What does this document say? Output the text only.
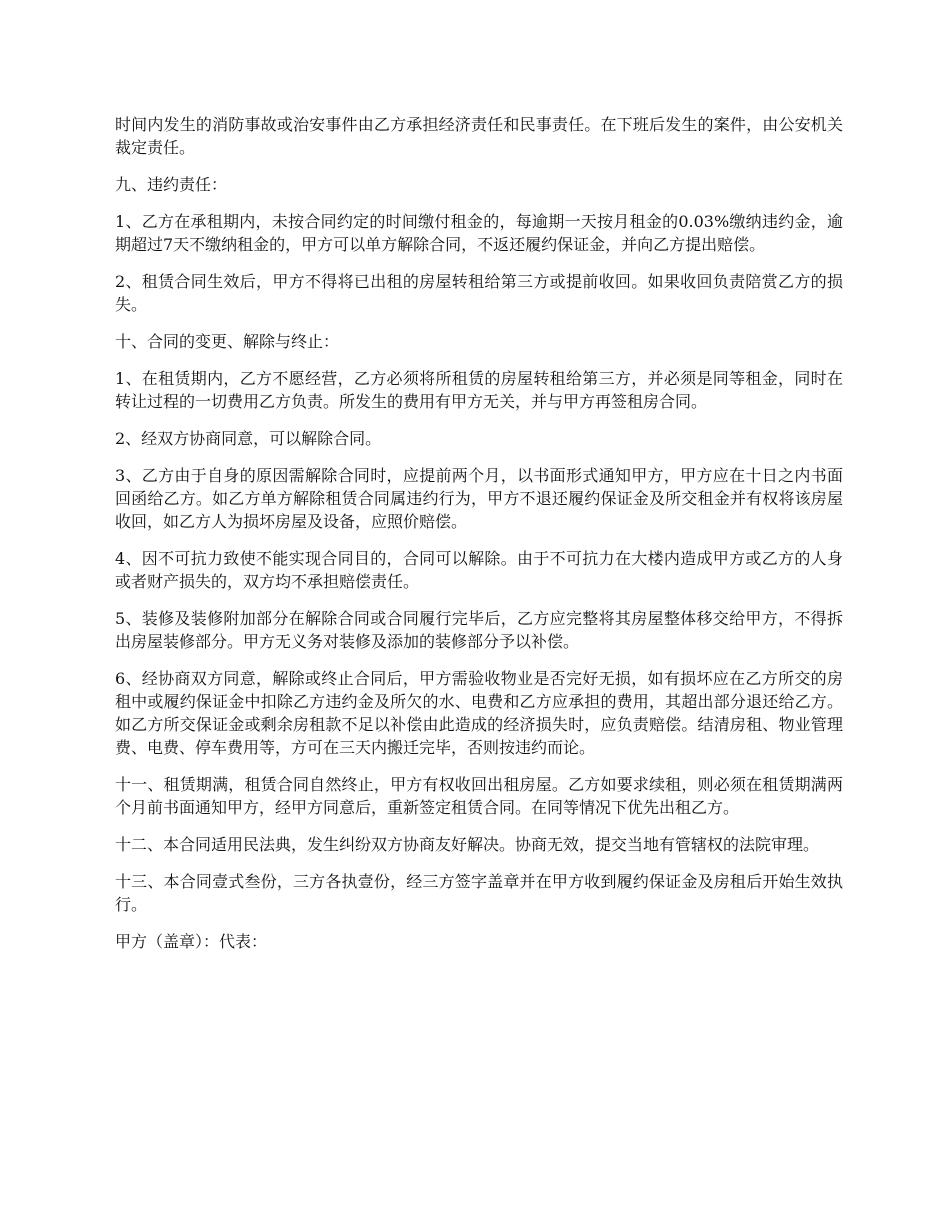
时间内发生的消防事故或治安事件由乙方承担经济责任和民事责任。在下班后发生的案件，由公安机关裁定责任。

九、违约责任：

1、乙方在承租期内，未按合同约定的时间缴付租金的，每逾期一天按月租金的0.03%缴纳违约金，逾期超过7天不缴纳租金的，甲方可以单方解除合同，不返还履约保证金，并向乙方提出赔偿。

2、租赁合同生效后，甲方不得将已出租的房屋转租给第三方或提前收回。如果收回负责陪赏乙方的损失。

十、合同的变更、解除与终止：

1、在租赁期内，乙方不愿经营，乙方必须将所租赁的房屋转租给第三方，并必须是同等租金，同时在转让过程的一切费用乙方负责。所发生的费用有甲方无关，并与甲方再签租房合同。

2、经双方协商同意，可以解除合同。

3、乙方由于自身的原因需解除合同时，应提前两个月，以书面形式通知甲方，甲方应在十日之内书面回函给乙方。如乙方单方解除租赁合同属违约行为，甲方不退还履约保证金及所交租金并有权将该房屋收回，如乙方人为损坏房屋及设备，应照价赔偿。

4、因不可抗力致使不能实现合同目的，合同可以解除。由于不可抗力在大楼内造成甲方或乙方的人身或者财产损失的，双方均不承担赔偿责任。

5、装修及装修附加部分在解除合同或合同履行完毕后，乙方应完整将其房屋整体移交给甲方，不得拆出房屋装修部分。甲方无义务对装修及添加的装修部分予以补偿。

6、经协商双方同意，解除或终止合同后，甲方需验收物业是否完好无损，如有损坏应在乙方所交的房租中或履约保证金中扣除乙方违约金及所欠的水、电费和乙方应承担的费用，其超出部分退还给乙方。如乙方所交保证金或剩余房租款不足以补偿由此造成的经济损失时，应负责赔偿。结清房租、物业管理费、电费、停车费用等，方可在三天内搬迁完毕，否则按违约而论。

十一、租赁期满，租赁合同自然终止，甲方有权收回出租房屋。乙方如要求续租，则必须在租赁期满两个月前书面通知甲方，经甲方同意后，重新签定租赁合同。在同等情况下优先出租乙方。

十二、本合同适用民法典，发生纠纷双方协商友好解决。协商无效，提交当地有管辖权的法院审理。

十三、本合同壹式叁份，三方各执壹份，经三方签字盖章并在甲方收到履约保证金及房租后开始生效执行。

甲方（盖章）：代表：
